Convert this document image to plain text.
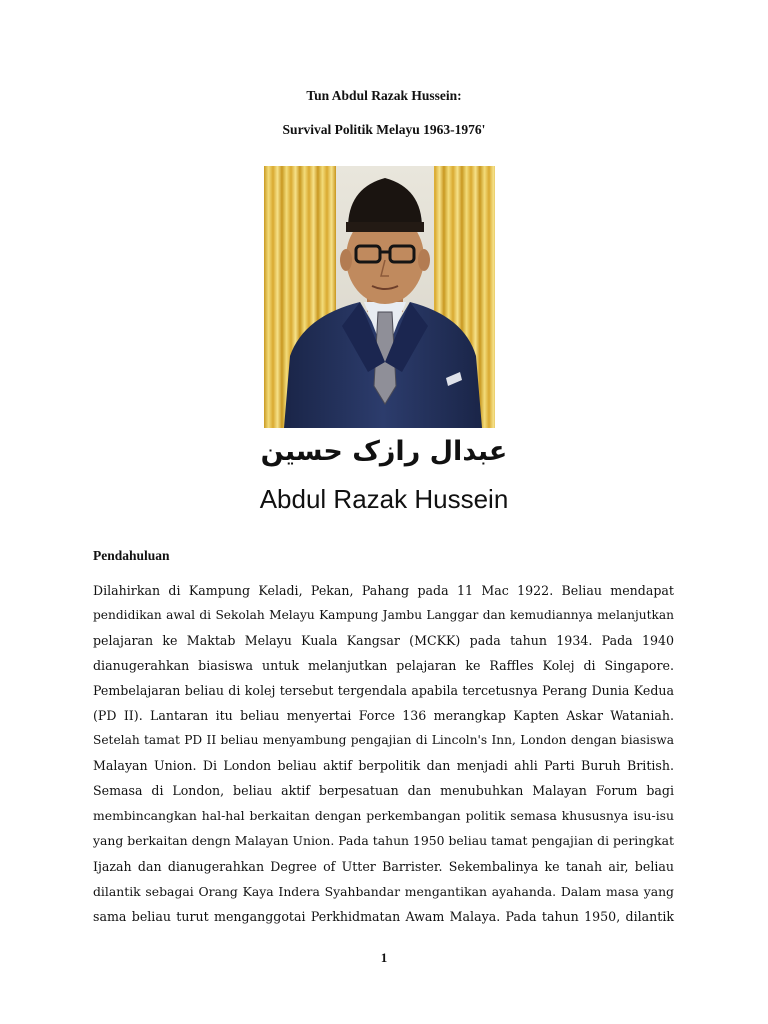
Tun Abdul Razak Hussein:
Survival Politik Melayu 1963-1976'
عبدال رازک حسين
Abdul Razak Hussein
Pendahuluan
Dilahirkan di Kampung Keladi, Pekan, Pahang pada 11 Mac 1922. Beliau mendapat
pendidikan awal di Sekolah Melayu Kampung Jambu Langgar dan kemudiannya melanjutkan
pelajaran ke Maktab Melayu Kuala Kangsar (MCKK) pada tahun 1934. Pada 1940
dianugerahkan biasiswa untuk melanjutkan pelajaran ke Raffles Kolej di Singapore.
Pembelajaran beliau di kolej tersebut tergendala apabila tercetusnya Perang Dunia Kedua
(PD II). Lantaran itu beliau menyertai Force 136 merangkap Kapten Askar Wataniah.
Setelah tamat PD II beliau menyambung pengajian di Lincoln's Inn, London dengan biasiswa
Malayan Union. Di London beliau aktif berpolitik dan menjadi ahli Parti Buruh British.
Semasa di London, beliau aktif berpesatuan dan menubuhkan Malayan Forum bagi
membincangkan hal-hal berkaitan dengan perkembangan politik semasa khususnya isu-isu
yang berkaitan dengn Malayan Union. Pada tahun 1950 beliau tamat pengajian di peringkat
Ijazah dan dianugerahkan Degree of Utter Barrister. Sekembalinya ke tanah air, beliau
dilantik sebagai Orang Kaya Indera Syahbandar mengantikan ayahanda. Dalam masa yang
sama beliau turut menganggotai Perkhidmatan Awam Malaya. Pada tahun 1950, dilantik
1
